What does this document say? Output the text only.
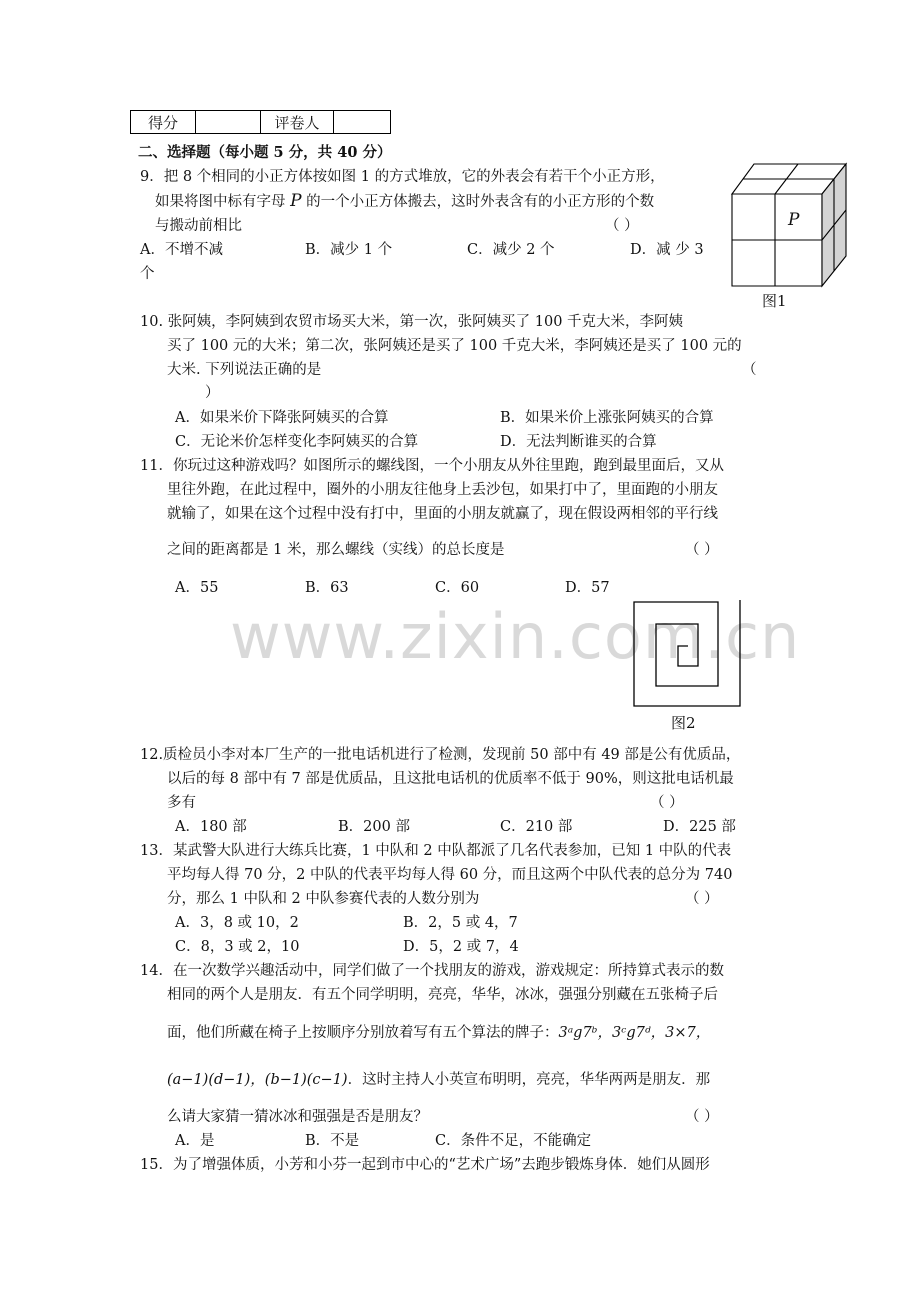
得分		评卷人	
二、选择题（每小题 5 分，共 40 分）
9．把 8 个相同的小正方体按如图 1 的方式堆放，它的外表会有若干个小正方形，
如果将图中标有字母 P 的一个小正方体搬去，这时外表含有的小正方形的个数
与搬动前相比	（ ）
A．不增不减	B．减少 1 个	C．减少 2 个	D．减 少 3
个
P
图1
10. 张阿姨，李阿姨到农贸市场买大米，第一次，张阿姨买了 100 千克大米，李阿姨
买了 100 元的大米；第二次，张阿姨还是买了 100 千克大米，李阿姨还是买了 100 元的
大米. 下列说法正确的是	（
）
A．如果米价下降张阿姨买的合算	B．如果米价上涨张阿姨买的合算
C．无论米价怎样变化李阿姨买的合算	D．无法判断谁买的合算
11．你玩过这种游戏吗？如图所示的螺线图，一个小朋友从外往里跑，跑到最里面后，又从
里往外跑，在此过程中，圈外的小朋友往他身上丢沙包，如果打中了，里面跑的小朋友
就输了，如果在这个过程中没有打中，里面的小朋友就赢了，现在假设两相邻的平行线
之间的距离都是 1 米，那么螺线（实线）的总长度是	（ ）
A．55	B．63	C．60	D．57
www.zixin.com.cn
图2
12.质检员小李对本厂生产的一批电话机进行了检测，发现前 50 部中有 49 部是公有优质品，
以后的每 8 部中有 7 部是优质品，且这批电话机的优质率不低于 90%，则这批电话机最
多有	（ ）
A．180 部	B．200 部	C．210 部	D．225 部
13．某武警大队进行大练兵比赛，1 中队和 2 中队都派了几名代表参加，已知 1 中队的代表
平均每人得 70 分，2 中队的代表平均每人得 60 分，而且这两个中队代表的总分为 740
分，那么 1 中队和 2 中队参赛代表的人数分别为	（ ）
A．3，8 或 10，2	B．2，5 或 4，7
C．8，3 或 2，10	D．5，2 或 7，4
14．在一次数学兴趣活动中，同学们做了一个找朋友的游戏，游戏规定：所持算式表示的数
相同的两个人是朋友．有五个同学明明，亮亮，华华，冰冰，强强分别藏在五张椅子后
面，他们所藏在椅子上按顺序分别放着写有五个算法的牌子：3ᵃg7ᵇ，3ᶜg7ᵈ，3×7，
(a−1)(d−1)，(b−1)(c−1)．这时主持人小英宣布明明，亮亮，华华两两是朋友．那
么请大家猜一猜冰冰和强强是否是朋友？	（ ）
A．是	B．不是	C．条件不足，不能确定
15．为了增强体质，小芳和小芬一起到市中心的“艺术广场”去跑步锻炼身体．她们从圆形
